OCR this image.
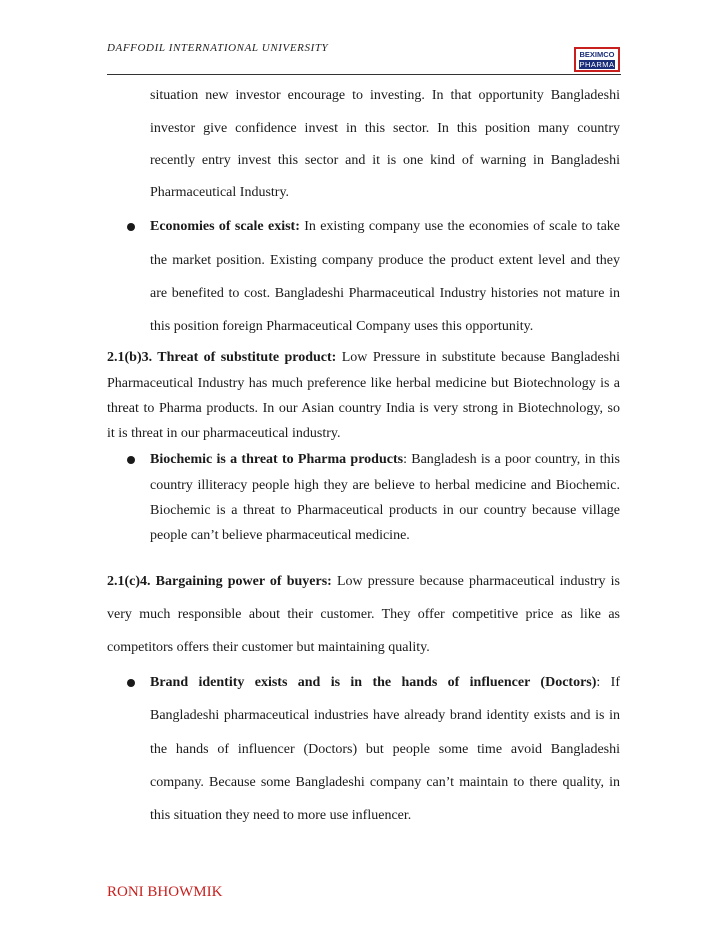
DAFFODIL INTERNATIONAL UNIVERSITY
BEXIMCO
PHARMA
situation new investor encourage to investing. In that opportunity Bangladeshi
investor give confidence invest in this sector. In this position many country
recently entry invest this sector and it is one kind of warning in Bangladeshi
Pharmaceutical Industry.
Economies of scale exist: In existing company use the economies of scale to take
the market position. Existing company produce the product extent level and they
are benefited to cost. Bangladeshi Pharmaceutical Industry histories not mature in
this position foreign Pharmaceutical Company uses this opportunity.
2.1(b)3. Threat of substitute product: Low Pressure in substitute because Bangladeshi
Pharmaceutical Industry has much preference like herbal medicine but Biotechnology is a
threat to Pharma products. In our Asian country India is very strong in Biotechnology, so
it is threat in our pharmaceutical industry.
Biochemic is a threat to Pharma products: Bangladesh is a poor country, in this
country illiteracy people high they are believe to herbal medicine and Biochemic.
Biochemic is a threat to Pharmaceutical products in our country because village
people can’t believe pharmaceutical medicine.
2.1(c)4. Bargaining power of buyers: Low pressure because pharmaceutical industry is
very much responsible about their customer. They offer competitive price as like as
competitors offers their customer but maintaining quality.
Brand identity exists and is in the hands of influencer (Doctors): If
Bangladeshi pharmaceutical industries have already brand identity exists and is in
the hands of influencer (Doctors) but people some time avoid Bangladeshi
company. Because some Bangladeshi company can’t maintain to there quality, in
this situation they need to more use influencer.
RONI BHOWMIK
